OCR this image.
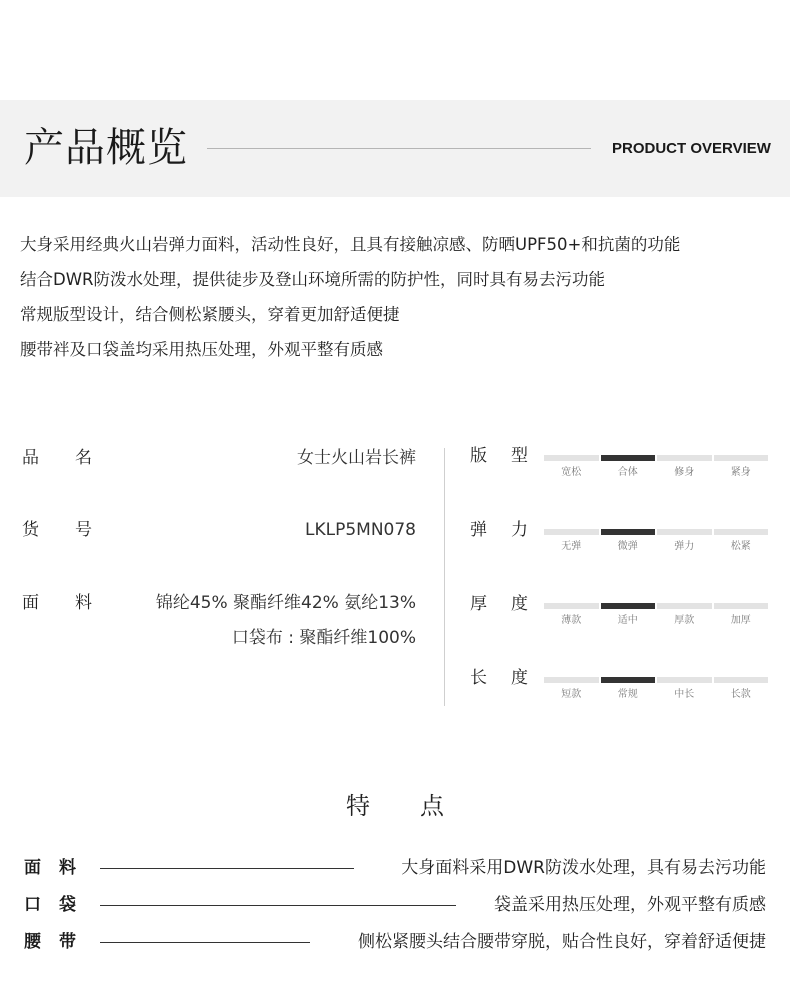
产品概览	PRODUCT OVERVIEW
大身采用经典火山岩弹力面料，活动性良好，且具有接触凉感、防晒UPF50+和抗菌的功能
结合DWR防泼水处理，提供徒步及登山环境所需的防护性，同时具有易去污功能
常规版型设计，结合侧松紧腰头，穿着更加舒适便捷
腰带袢及口袋盖均采用热压处理，外观平整有质感
品 名	女士火山岩长裤
货 号	LKLP5MN078
面 料	锦纶45% 聚酯纤维42% 氨纶13%
口袋布 : 聚酯纤维100%
版 型
宽松	合体	修身	紧身
弹 力
无弹	微弹	弹力	松紧
厚 度
薄款	适中	厚款	加厚
长 度
短款	常规	中长	长款
特 点
面 料	大身面料采用DWR防泼水处理，具有易去污功能
口 袋	袋盖采用热压处理，外观平整有质感
腰 带	侧松紧腰头结合腰带穿脱，贴合性良好，穿着舒适便捷
